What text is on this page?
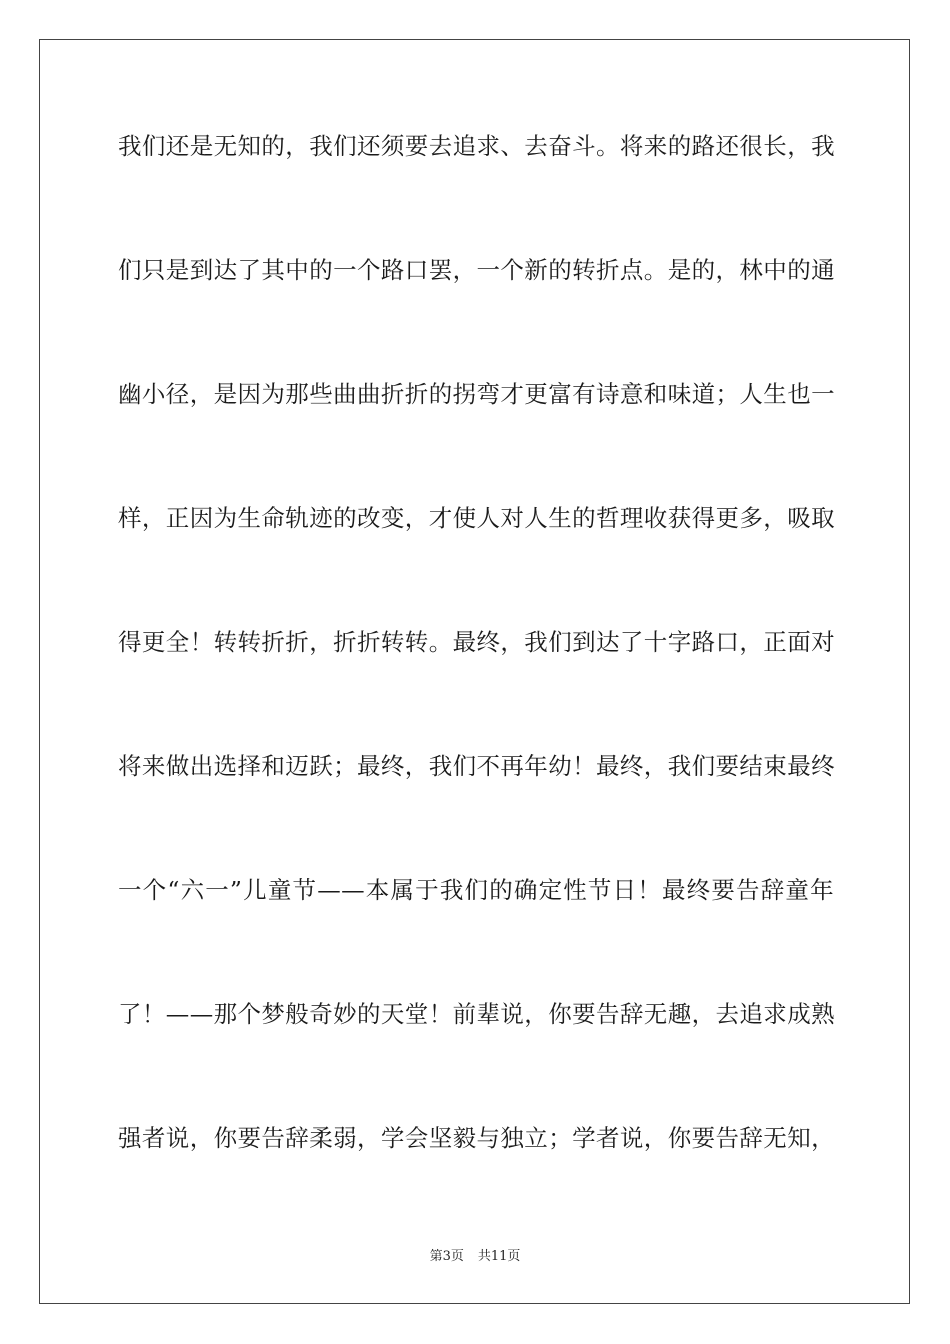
我们还是无知的，我们还须要去追求、去奋斗。将来的路还很长，我
们只是到达了其中的一个路口罢，一个新的转折点。是的，林中的通
幽小径，是因为那些曲曲折折的拐弯才更富有诗意和味道；人生也一
样，正因为生命轨迹的改变，才使人对人生的哲理收获得更多，吸取
得更全！转转折折，折折转转。最终，我们到达了十字路口，正面对
将来做出选择和迈跃；最终，我们不再年幼！最终，我们要结束最终
一个“六一”儿童节——本属于我们的确定性节日！最终要告辞童年
了！——那个梦般奇妙的天堂！前辈说，你要告辞无趣，去追求成熟
强者说，你要告辞柔弱，学会坚毅与独立；学者说，你要告辞无知，
第3页 共11页
